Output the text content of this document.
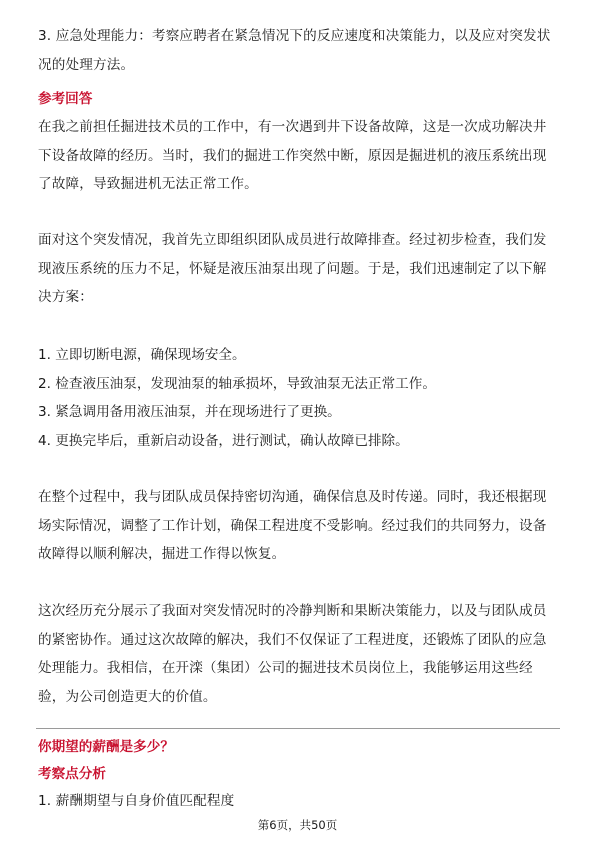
3. 应急处理能力：考察应聘者在紧急情况下的反应速度和决策能力，以及应对突发状况的处理方法。

参考回答

在我之前担任掘进技术员的工作中，有一次遇到井下设备故障，这是一次成功解决井下设备故障的经历。当时，我们的掘进工作突然中断，原因是掘进机的液压系统出现了故障，导致掘进机无法正常工作。

面对这个突发情况，我首先立即组织团队成员进行故障排查。经过初步检查，我们发现液压系统的压力不足，怀疑是液压油泵出现了问题。于是，我们迅速制定了以下解决方案：

1. 立即切断电源，确保现场安全。
2. 检查液压油泵，发现油泵的轴承损坏，导致油泵无法正常工作。
3. 紧急调用备用液压油泵，并在现场进行了更换。
4. 更换完毕后，重新启动设备，进行测试，确认故障已排除。

在整个过程中，我与团队成员保持密切沟通，确保信息及时传递。同时，我还根据现场实际情况，调整了工作计划，确保工程进度不受影响。经过我们的共同努力，设备故障得以顺利解决，掘进工作得以恢复。

这次经历充分展示了我面对突发情况时的冷静判断和果断决策能力，以及与团队成员的紧密协作。通过这次故障的解决，我们不仅保证了工程进度，还锻炼了团队的应急处理能力。我相信，在开滦（集团）公司的掘进技术员岗位上，我能够运用这些经验，为公司创造更大的价值。

你期望的薪酬是多少？
考察点分析

1. 薪酬期望与自身价值匹配程度

第6页，共50页
